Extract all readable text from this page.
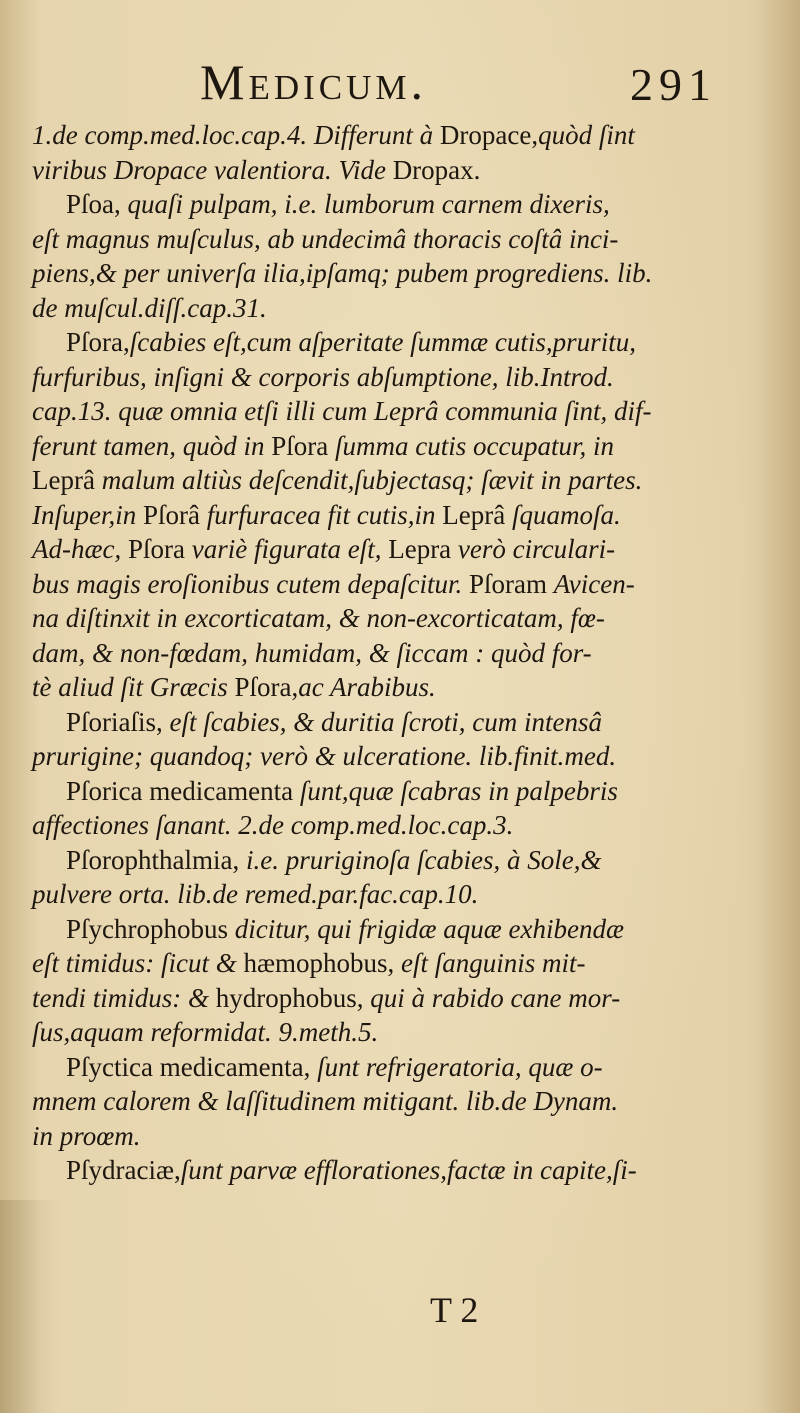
Medicum.	291
1.de comp.med.loc.cap.4. Differunt à Dropace,quòd ſint
viribus Dropace valentiora. Vide Dropax.
Pſoa, quaſi pulpam, i.e. lumborum carnem dixeris,
eſt magnus muſculus, ab undecimâ thoracis coſtâ inci-
piens,& per univerſa ilia,ipſamq; pubem progrediens. lib.
de muſcul.diſſ.cap.31.
Pſora,ſcabies eſt,cum aſperitate ſummæ cutis,pruritu,
furfuribus, inſigni & corporis abſumptione, lib.Introd.
cap.13. quæ omnia etſi illi cum Leprâ communia ſint, dif-
ferunt tamen, quòd in Pſora ſumma cutis occupatur, in
Leprâ malum altiùs deſcendit,ſubjectasq; ſævit in partes.
Inſuper,in Pſorâ furfuracea fit cutis,in Leprâ ſquamoſa.
Ad-hæc, Pſora variè figurata eſt, Lepra verò circulari-
bus magis eroſionibus cutem depaſcitur. Pſoram Avicen-
na diſtinxit in excorticatam, & non-excorticatam, fœ-
dam, & non-fœdam, humidam, & ſiccam : quòd for-
tè aliud ſit Græcis Pſora,ac Arabibus.
Pſoriaſis, eſt ſcabies, & duritia ſcroti, cum intensâ
prurigine; quandoq; verò & ulceratione. lib.finit.med.
Pſorica medicamenta ſunt,quæ ſcabras in palpebris
affectiones ſanant. 2.de comp.med.loc.cap.3.
Pſorophthalmia, i.e. pruriginoſa ſcabies, à Sole,&
pulvere orta. lib.de remed.par.fac.cap.10.
Pſychrophobus dicitur, qui frigidæ aquæ exhibendæ
eſt timidus: ſicut & hæmophobus, eſt ſanguinis mit-
tendi timidus: & hydrophobus, qui à rabido cane mor-
ſus,aquam reformidat. 9.meth.5.
Pſyctica medicamenta, ſunt refrigeratoria, quæ o-
mnem calorem & laſſitudinem mitigant. lib.de Dynam.
in proœm.
Pſydraciæ,ſunt parvæ efflorationes,factæ in capite,ſi-
T 2
